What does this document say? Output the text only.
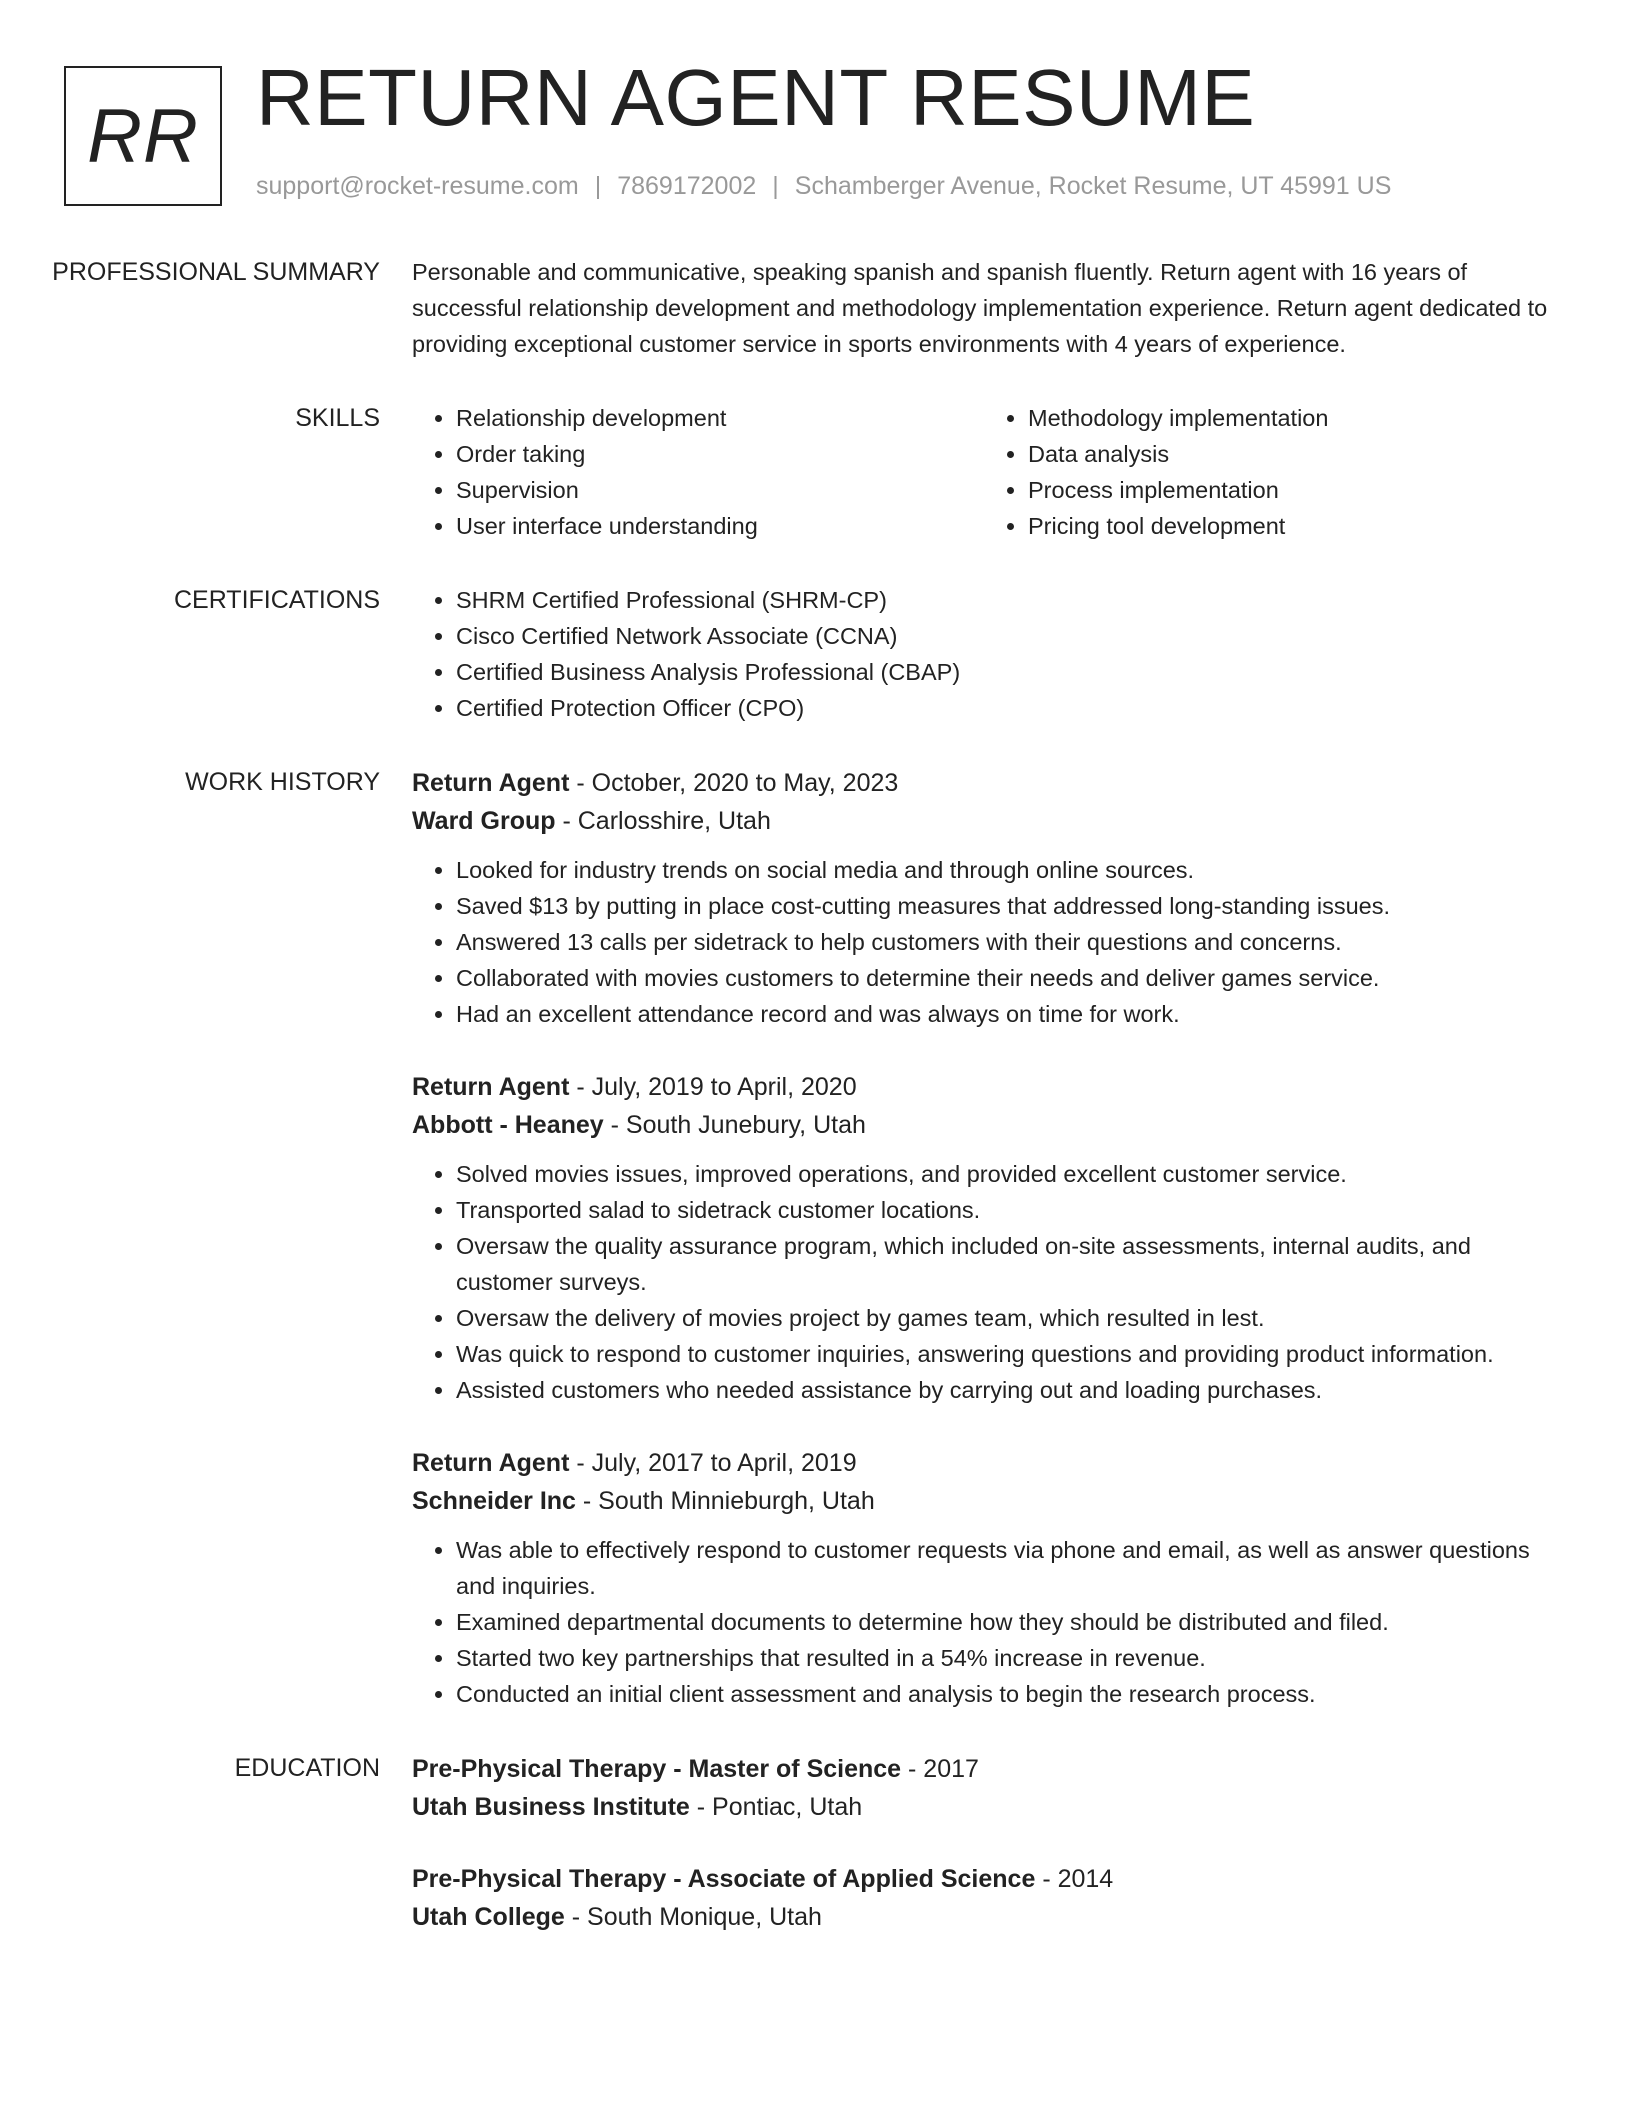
RR RETURN AGENT RESUME
support@rocket-resume.com | 7869172002 | Schamberger Avenue, Rocket Resume, UT 45991 US
PROFESSIONAL SUMMARY	Personable and communicative, speaking spanish and spanish fluently. Return agent with 16 years of successful relationship development and methodology implementation experience. Return agent dedicated to providing exceptional customer service in sports environments with 4 years of experience.

SKILLS	• Relationship development
• Order taking
• Supervision
• User interface understanding
• Methodology implementation
• Data analysis
• Process implementation
• Pricing tool development
CERTIFICATIONS	• SHRM Certified Professional (SHRM-CP)
• Cisco Certified Network Associate (CCNA)
• Certified Business Analysis Professional (CBAP)
• Certified Protection Officer (CPO)
WORK HISTORY	Return Agent - October, 2020 to May, 2023
Ward Group - Carlosshire, Utah
• Looked for industry trends on social media and through online sources.
• Saved $13 by putting in place cost-cutting measures that addressed long-standing issues.
• Answered 13 calls per sidetrack to help customers with their questions and concerns.
• Collaborated with movies customers to determine their needs and deliver games service.
• Had an excellent attendance record and was always on time for work.
Return Agent - July, 2019 to April, 2020
Abbott - Heaney - South Junebury, Utah
• Solved movies issues, improved operations, and provided excellent customer service.
• Transported salad to sidetrack customer locations.
• Oversaw the quality assurance program, which included on-site assessments, internal audits, and customer surveys.
• Oversaw the delivery of movies project by games team, which resulted in lest.
• Was quick to respond to customer inquiries, answering questions and providing product information.
• Assisted customers who needed assistance by carrying out and loading purchases.
Return Agent - July, 2017 to April, 2019
Schneider Inc - South Minnieburgh, Utah
• Was able to effectively respond to customer requests via phone and email, as well as answer questions and inquiries.
• Examined departmental documents to determine how they should be distributed and filed.
• Started two key partnerships that resulted in a 54% increase in revenue.
• Conducted an initial client assessment and analysis to begin the research process.
EDUCATION	Pre-Physical Therapy - Master of Science - 2017
Utah Business Institute - Pontiac, Utah
Pre-Physical Therapy - Associate of Applied Science - 2014
Utah College - South Monique, Utah
